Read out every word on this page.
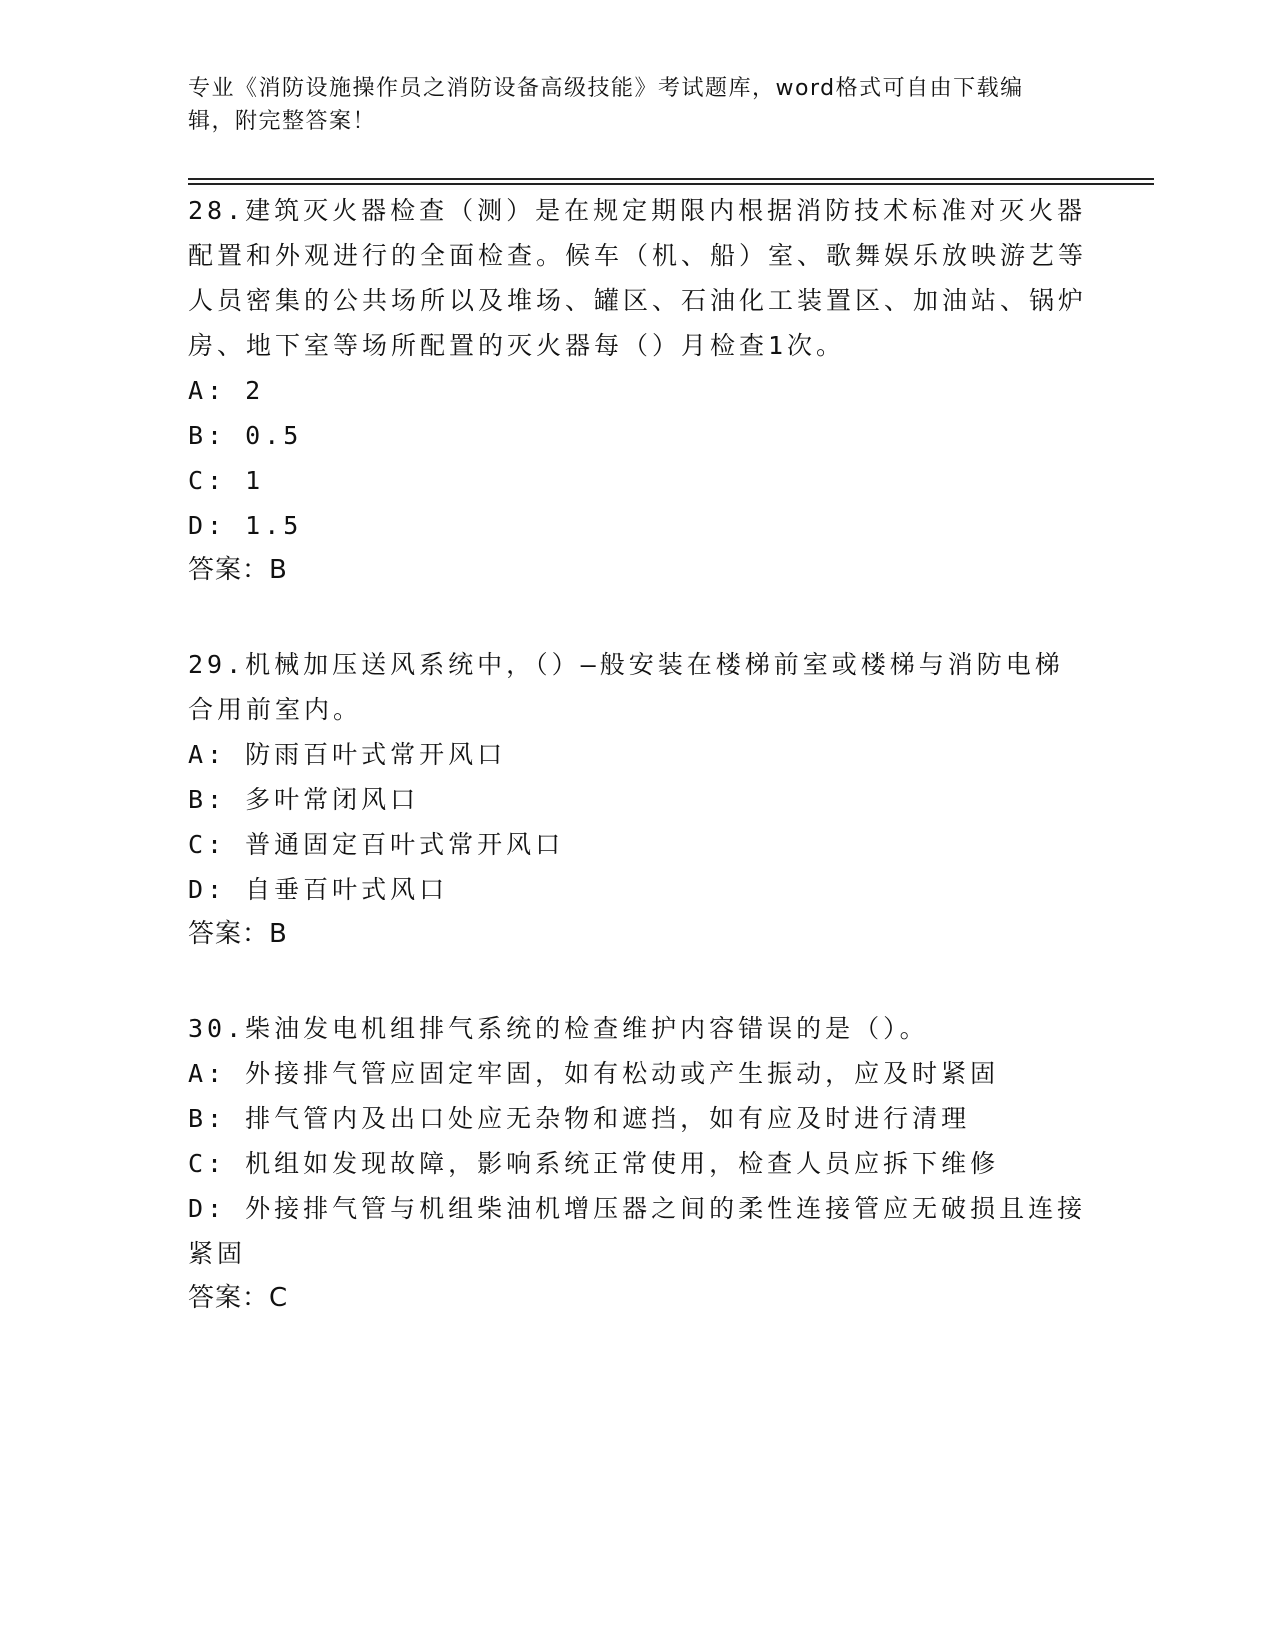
专业《消防设施操作员之消防设备高级技能》考试题库，word格式可自由下载编辑，附完整答案！

28.建筑灭火器检查（测）是在规定期限内根据消防技术标准对灭火器配置和外观进行的全面检查。候车（机、船）室、歌舞娱乐放映游艺等人员密集的公共场所以及堆场、罐区、石油化工装置区、加油站、锅炉房、地下室等场所配置的灭火器每（）月检查1次。

A: 2

B: 0.5

C: 1

D: 1.5

答案：B

29.机械加压送风系统中，（）—般安装在楼梯前室或楼梯与消防电梯合用前室内。

A: 防雨百叶式常开风口

B: 多叶常闭风口

C: 普通固定百叶式常开风口

D: 自垂百叶式风口

答案：B

30.柴油发电机组排气系统的检查维护内容错误的是（）。

A: 外接排气管应固定牢固，如有松动或产生振动，应及时紧固

B: 排气管内及出口处应无杂物和遮挡，如有应及时进行清理

C: 机组如发现故障，影响系统正常使用，检查人员应拆下维修

D: 外接排气管与机组柴油机增压器之间的柔性连接管应无破损且连接紧固

答案：C
